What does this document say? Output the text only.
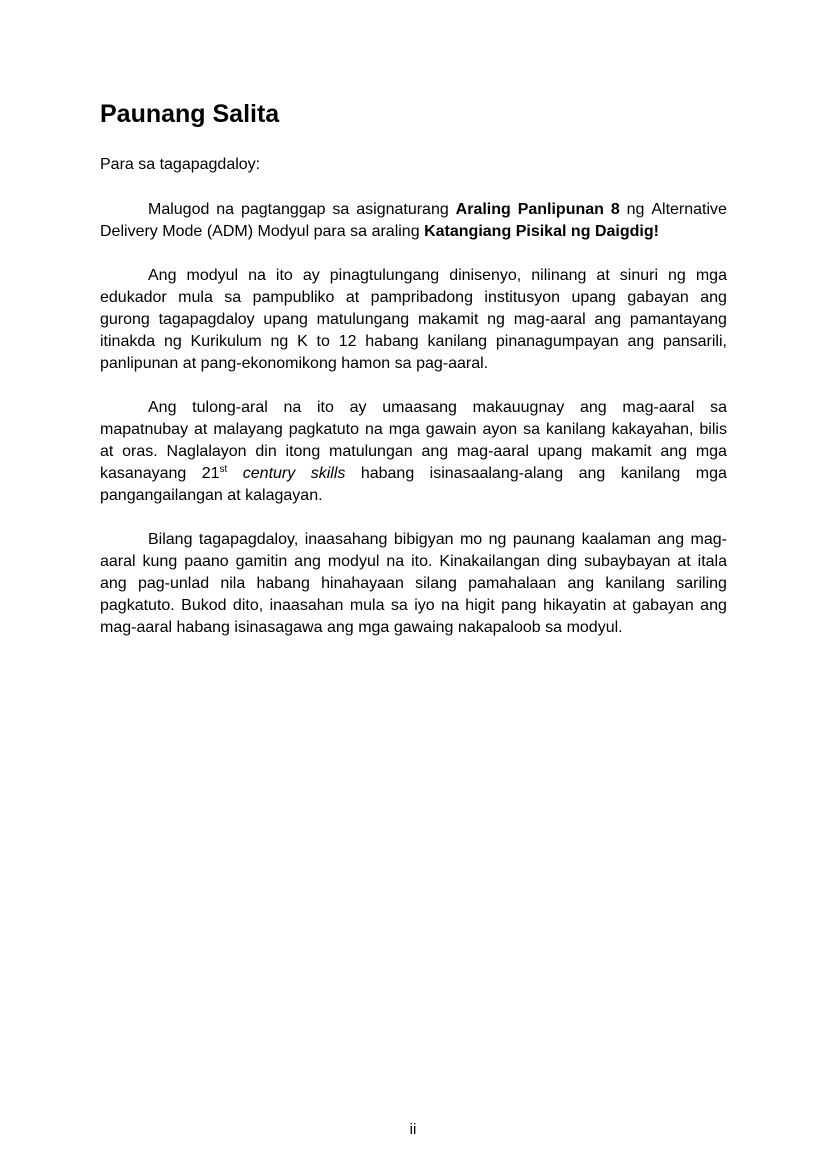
Paunang Salita
Para sa tagapagdaloy:
Malugod na pagtanggap sa asignaturang Araling Panlipunan 8 ng Alternative
Delivery Mode (ADM) Modyul para sa araling Katangiang Pisikal ng Daigdig!
Ang modyul na ito ay pinagtulungang dinisenyo, nilinang at sinuri ng mga
edukador mula sa pampubliko at pampribadong institusyon upang gabayan ang
gurong tagapagdaloy upang matulungang makamit ng mag-aaral ang pamantayang
itinakda ng Kurikulum ng K to 12 habang kanilang pinanagumpayan ang pansarili,
panlipunan at pang-ekonomikong hamon sa pag-aaral.
Ang tulong-aral na ito ay umaasang makauugnay ang mag-aaral sa
mapatnubay at malayang pagkatuto na mga gawain ayon sa kanilang kakayahan, bilis
at oras. Naglalayon din itong matulungan ang mag-aaral upang makamit ang mga
kasanayang 21st century skills habang isinasaalang-alang ang kanilang mga
pangangailangan at kalagayan.
Bilang tagapagdaloy, inaasahang bibigyan mo ng paunang kaalaman ang mag-
aaral kung paano gamitin ang modyul na ito. Kinakailangan ding subaybayan at itala
ang pag-unlad nila habang hinahayaan silang pamahalaan ang kanilang sariling
pagkatuto. Bukod dito, inaasahan mula sa iyo na higit pang hikayatin at gabayan ang
mag-aaral habang isinasagawa ang mga gawaing nakapaloob sa modyul.
ii
